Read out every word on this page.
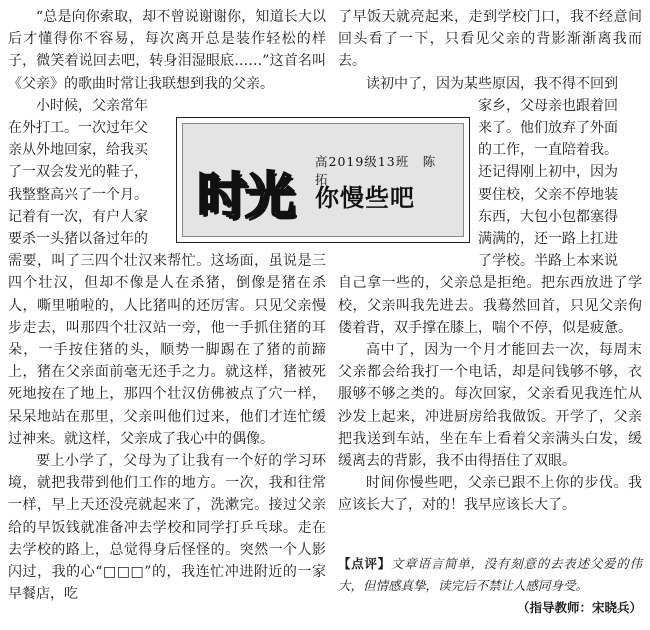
“总是向你索取，却不曾说谢谢你，知道长大以后才懂得你不容易，每次离开总是装作轻松的样子，微笑着说回去吧，转身泪湿眼底……”这首名叫《父亲》的歌曲时常让我联想到我的父亲。

小时候，父亲常年
在外打工。一次过年父
亲从外地回家，给我买
了一双会发光的鞋子，
我整整高兴了一个月。
记着有一次，有户人家
要杀一头猪以备过年的

需要，叫了三四个壮汉来帮忙。这场面，虽说是三四个壮汉，但却不像是人在杀猪，倒像是猪在杀人，嘶里啪啦的，人比猪叫的还厉害。只见父亲慢步走去，叫那四个壮汉站一旁，他一手抓住猪的耳朵，一手按住猪的头，顺势一脚踢在了猪的前蹄上，猪在父亲面前毫无还手之力。就这样，猪被死死地按在了地上，那四个壮汉仿佛被点了穴一样，呆呆地站在那里，父亲叫他们过来，他们才连忙缓过神来。就这样，父亲成了我心中的偶像。

要上小学了，父母为了让我有一个好的学习环境，就把我带到他们工作的地方。一次，我和往常一样，早上天还没亮就起来了，洗漱完。接过父亲给的早饭钱就准备冲去学校和同学打乒乓球。走在去学校的路上，总觉得身后怪怪的。突然一个人影闪过，我的心“□□□”的，我连忙冲进附近的一家早餐店，吃

了早饭天就亮起来，走到学校门口，我不经意间回头看了一下，只看见父亲的背影渐渐离我而去。

读初中了，因为某些原因，我不得不回到

家乡，父母亲也跟着回
来了。他们放弃了外面
的工作，一直陪着我。
还记得刚上初中，因为
要住校，父亲不停地装
东西，大包小包都塞得
满满的，还一路上扛进
了学校。半路上本来说

自己拿一些的，父亲总是拒绝。把东西放进了学校，父亲叫我先进去。我蓦然回首，只见父亲佝偻着背，双手撑在膝上，喘个不停，似是疲惫。

高中了，因为一个月才能回去一次，每周末父亲都会给我打一个电话，却是问钱够不够，衣服够不够之类的。每次回家，父亲看见我连忙从沙发上起来，冲进厨房给我做饭。开学了，父亲把我送到车站，坐在车上看着父亲满头白发，缓缓离去的背影，我不由得捂住了双眼。

时间你慢些吧，父亲已跟不上你的步伐。我应该长大了，对的！我早应该长大了。

高2019级13班　陈　拓
时光 你慢些吧
【点评】文章语言简单，没有刻意的去表述父爱的伟大，但情感真挚，读完后不禁让人感同身受。
（指导教师：宋晓兵）
